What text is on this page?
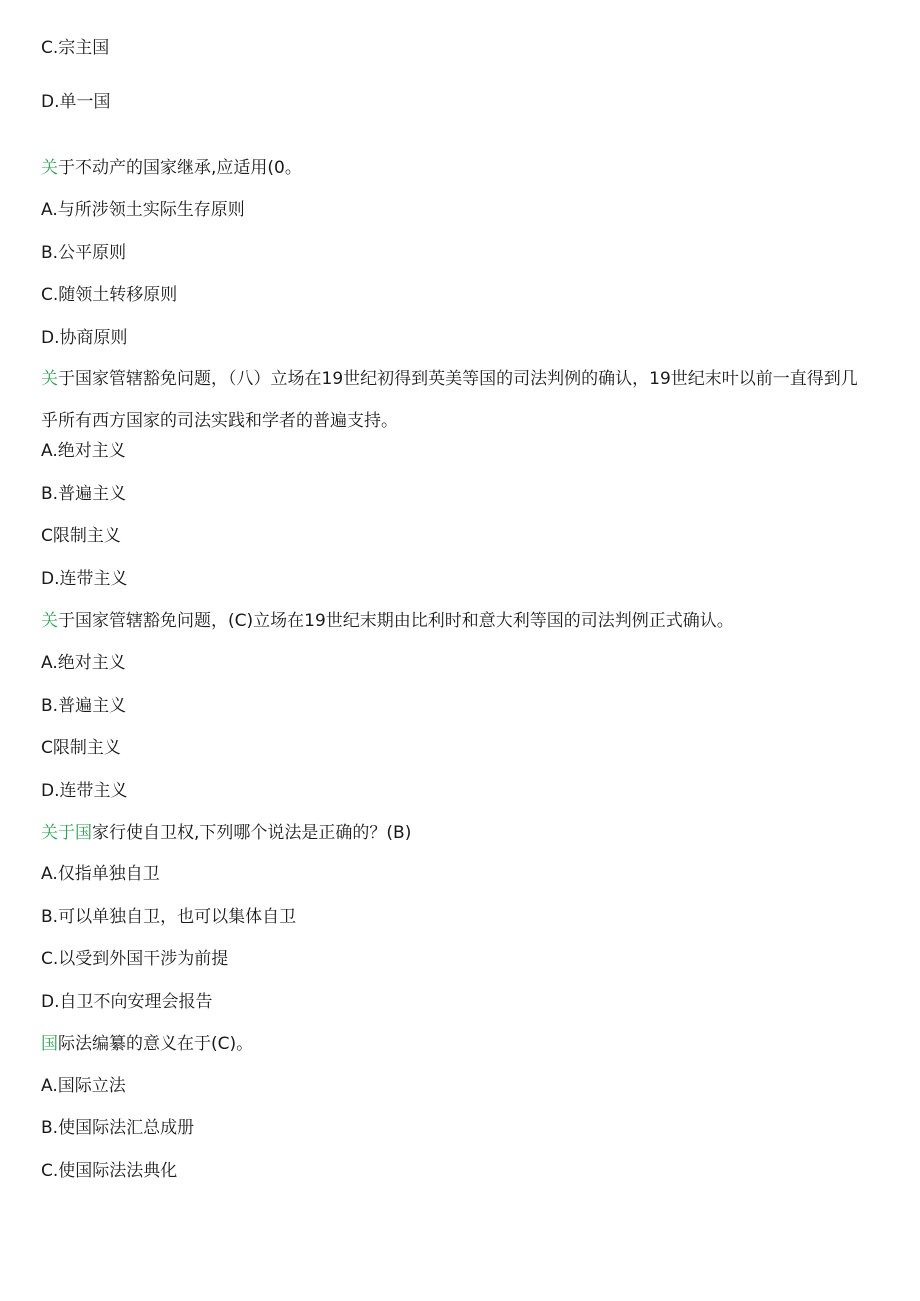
C.宗主国
D.单一国
关于不动产的国家继承,应适用(0。
A.与所涉领土实际生存原则
B.公平原则
C.随领土转移原则
D.协商原则
关于国家管辖豁免问题，（八）立场在19世纪初得到英美等国的司法判例的确认，19世纪末叶以前一直得到几乎所有西方国家的司法实践和学者的普遍支持。
A.绝对主义
B.普遍主义
C限制主义
D.连带主义
关于国家管辖豁免问题，(C)立场在19世纪末期由比利时和意大利等国的司法判例正式确认。
A.绝对主义
B.普遍主义
C限制主义
D.连带主义
关于国家行使自卫权,下列哪个说法是正确的？(B)
A.仅指单独自卫
B.可以单独自卫，也可以集体自卫
C.以受到外国干涉为前提
D.自卫不向安理会报告
国际法编纂的意义在于(C)。
A.国际立法
B.使国际法汇总成册
C.使国际法法典化
